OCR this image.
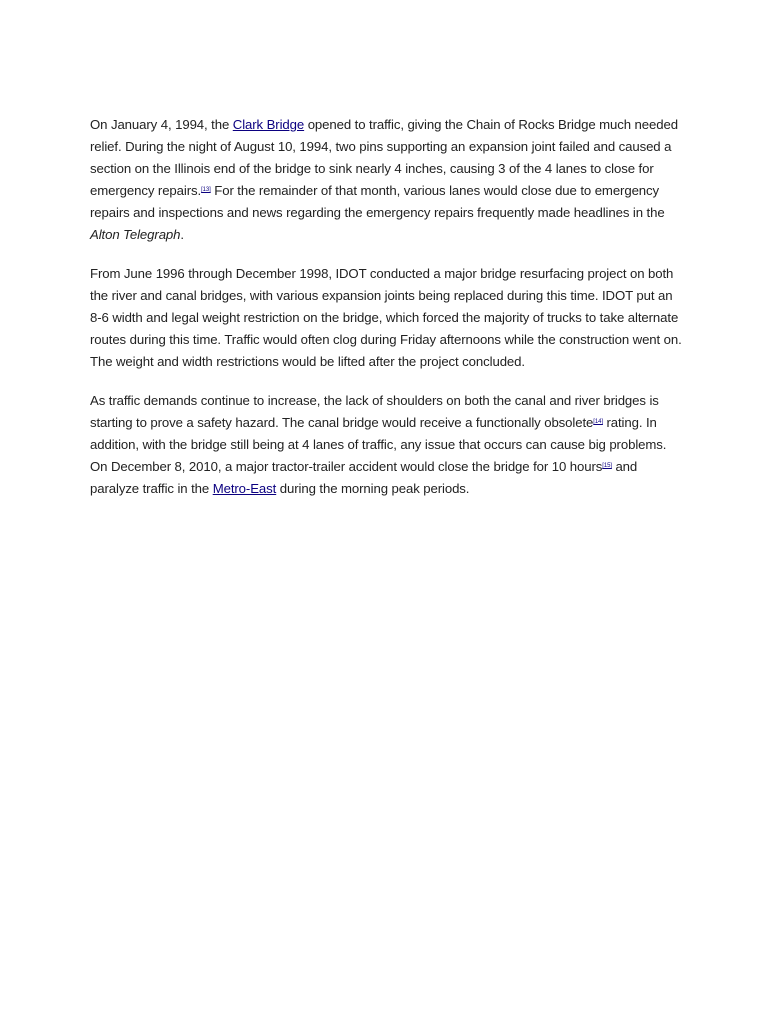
On January 4, 1994, the Clark Bridge opened to traffic, giving the Chain of Rocks Bridge much needed relief. During the night of August 10, 1994, two pins supporting an expansion joint failed and caused a section on the Illinois end of the bridge to sink nearly 4 inches, causing 3 of the 4 lanes to close for emergency repairs.[13] For the remainder of that month, various lanes would close due to emergency repairs and inspections and news regarding the emergency repairs frequently made headlines in the Alton Telegraph.

From June 1996 through December 1998, IDOT conducted a major bridge resurfacing project on both the river and canal bridges, with various expansion joints being replaced during this time. IDOT put an 8-6 width and legal weight restriction on the bridge, which forced the majority of trucks to take alternate routes during this time. Traffic would often clog during Friday afternoons while the construction went on. The weight and width restrictions would be lifted after the project concluded.

As traffic demands continue to increase, the lack of shoulders on both the canal and river bridges is starting to prove a safety hazard. The canal bridge would receive a functionally obsolete[14] rating. In addition, with the bridge still being at 4 lanes of traffic, any issue that occurs can cause big problems. On December 8, 2010, a major tractor-trailer accident would close the bridge for 10 hours[15] and paralyze traffic in the Metro-East during the morning peak periods.
